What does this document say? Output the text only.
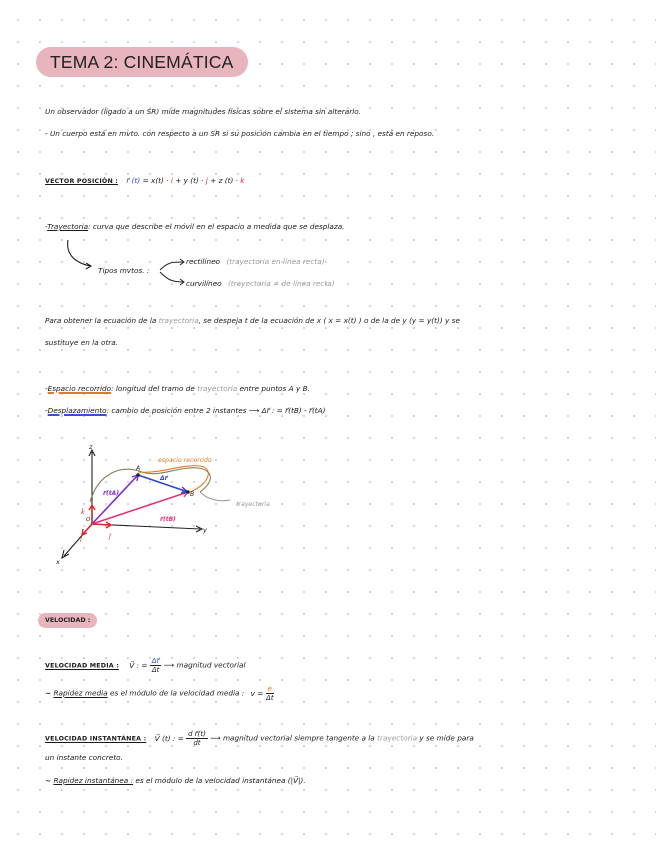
TEMA 2: CINEMÁTICA
Un observador (ligado a un SR) mide magnitudes físicas sobre el sistema sin alterarlo.
- Un cuerpo está en mvto. con respecto a un SR si su posición cambia en el tiempo ; sino , está en reposo.
VECTOR POSICIÓN : r⃗ (t) = x(t) · i + y (t) · j + z (t) · k
-Trayectoria: curva que describe el móvil en el espacio a medida que se desplaza.
Tipos mvtos. :
rectilíneo (trayectoria en línea recta)
curvilíneo (trayectoria ≠ de línea recta)
Para obtener la ecuación de la trayectoria, se despeja t de la ecuación de x ( x = x(t) ) o de la de y (y = y(t)) y se
sustituye en la otra.
-Espacio recorrido: longitud del tramo de trayectoria entre puntos A y B.
-Desplazamiento: cambio de posición entre 2 instantes ⟶ Δr⃗ : = r⃗(tB) - r⃗(tA)
espacio recorrido
trayectoria
r⃗(tA)
r⃗(tB)
Δr⃗
A
B
O
x
y
z
î	ĵ
k̂
VELOCIDAD :
VELOCIDAD MEDIA : V⃗ : = $\frac{\Delta r⃗}{\Delta t}$ ⟶ magnitud vectorial
~ Rapidez media es el módulo de la velocidad media : $v = \frac{e}{\Delta t}$
VELOCIDAD INSTANTÁNEA : V⃗ (t) : = $\frac{\text{d r⃗(t)}}{dt}$ ⟶ magnitud vectorial siempre tangente a la trayectoria y se mide para
un instante concreto.
~ Rapidez instantánea : es el módulo de la velocidad instantánea (|V⃗|).
